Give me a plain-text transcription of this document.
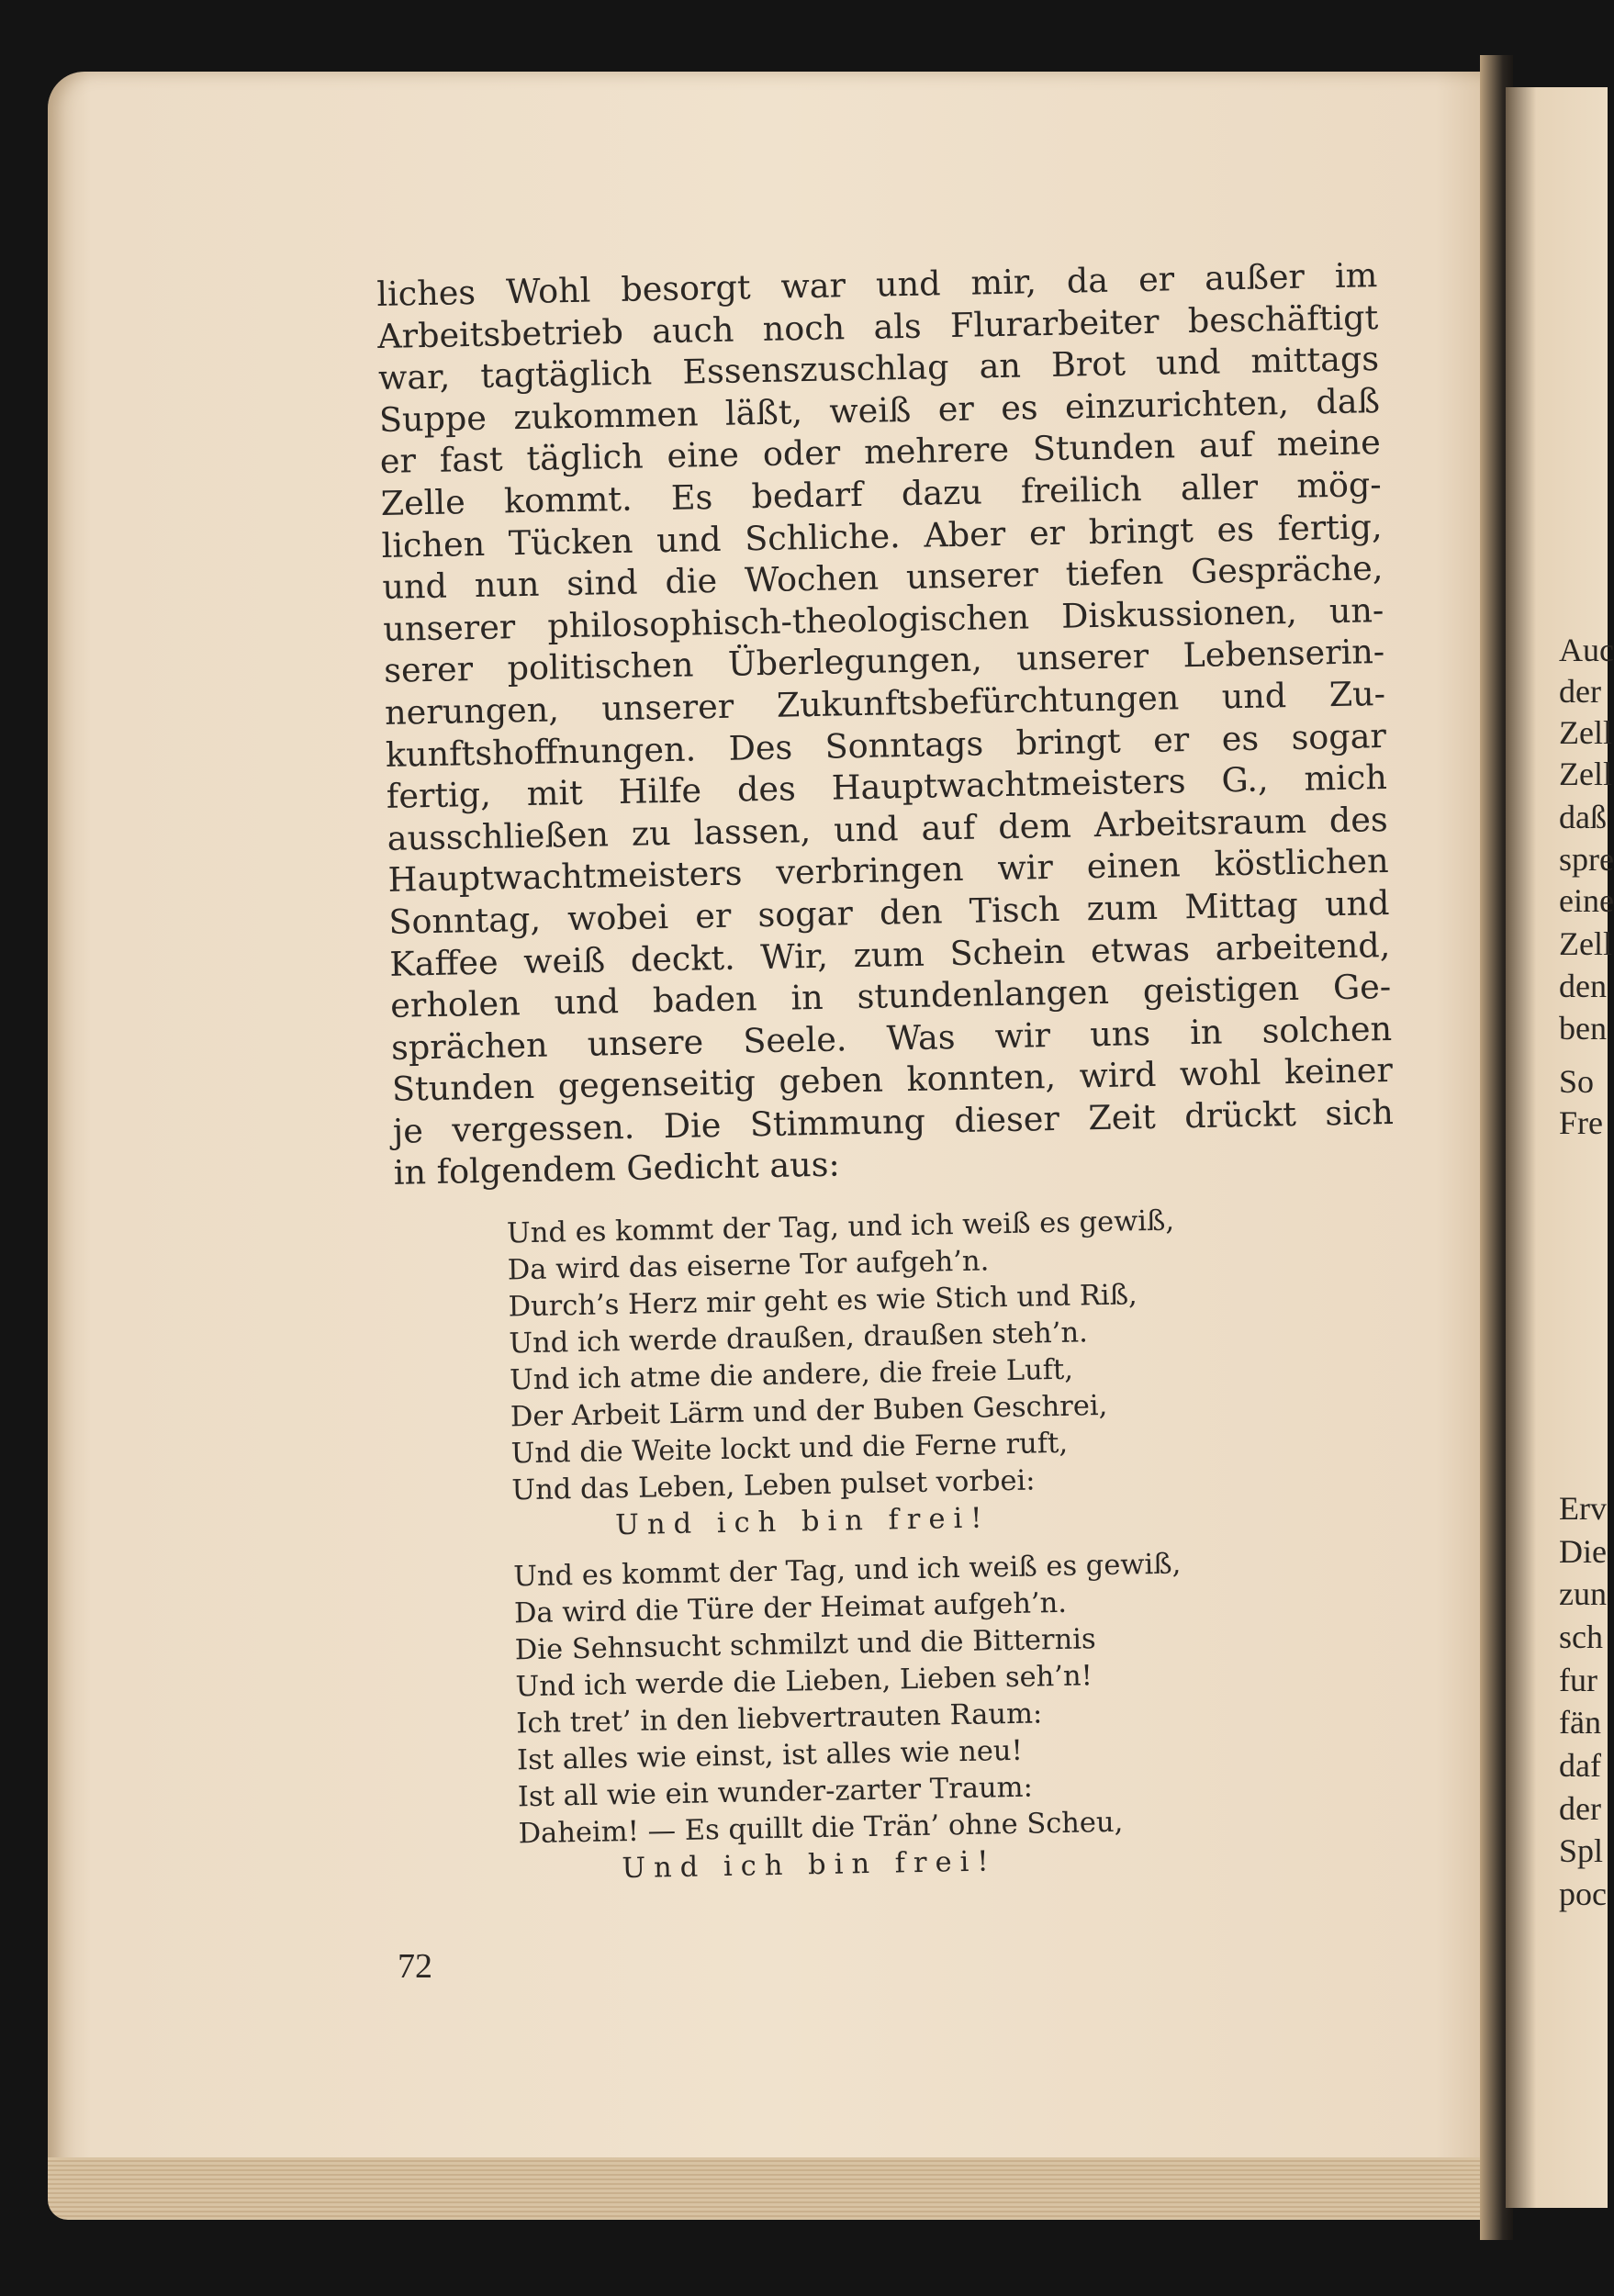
Auc
der
Zell
Zell
daß
spre
eine
Zell
den
ben
So
Fre
Erv
Die
zun
sch
fur
fän
daf
der
Spl
poc
liches Wohl besorgt war und mir, da er außer im
Arbeitsbetrieb auch noch als Flurarbeiter beschäftigt
war, tagtäglich Essenszuschlag an Brot und mittags
Suppe zukommen läßt, weiß er es einzurichten, daß
er fast täglich eine oder mehrere Stunden auf meine
Zelle kommt. Es bedarf dazu freilich aller mög-
lichen Tücken und Schliche. Aber er bringt es fertig,
und nun sind die Wochen unserer tiefen Gespräche,
unserer philosophisch-theologischen Diskussionen, un-
serer politischen Überlegungen, unserer Lebenserin-
nerungen, unserer Zukunftsbefürchtungen und Zu-
kunftshoffnungen. Des Sonntags bringt er es sogar
fertig, mit Hilfe des Hauptwachtmeisters G., mich
ausschließen zu lassen, und auf dem Arbeitsraum des
Hauptwachtmeisters verbringen wir einen köstlichen
Sonntag, wobei er sogar den Tisch zum Mittag und
Kaffee weiß deckt. Wir, zum Schein etwas arbeitend,
erholen und baden in stundenlangen geistigen Ge-
sprächen unsere Seele. Was wir uns in solchen
Stunden gegenseitig geben konnten, wird wohl keiner
je vergessen. Die Stimmung dieser Zeit drückt sich
in folgendem Gedicht aus:
Und es kommt der Tag, und ich weiß es gewiß,
Da wird das eiserne Tor aufgeh’n.
Durch’s Herz mir geht es wie Stich und Riß,
Und ich werde draußen, draußen steh’n.
Und ich atme die andere, die freie Luft,
Der Arbeit Lärm und der Buben Geschrei,
Und die Weite lockt und die Ferne ruft,
Und das Leben, Leben pulset vorbei:
Und ich bin frei!
Und es kommt der Tag, und ich weiß es gewiß,
Da wird die Türe der Heimat aufgeh’n.
Die Sehnsucht schmilzt und die Bitternis
Und ich werde die Lieben, Lieben seh’n!
Ich tret’ in den liebvertrauten Raum:
Ist alles wie einst, ist alles wie neu!
Ist all wie ein wunder-zarter Traum:
Daheim! — Es quillt die Trän’ ohne Scheu,
Und ich bin frei!
72
